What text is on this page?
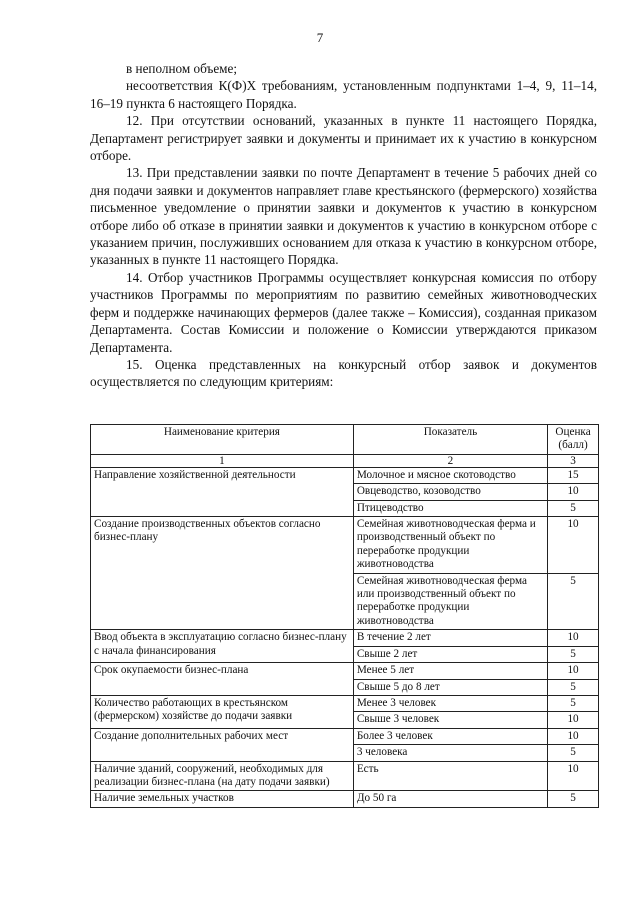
7

в неполном объеме;

несоответствия К(Ф)Х требованиям, установленным подпунктами 1–4, 9, 11–14, 16–19 пункта 6 настоящего Порядка.

12. При отсутствии оснований, указанных в пункте 11 настоящего Порядка, Департамент регистрирует заявки и документы и принимает их к участию в конкурсном отборе.

13. При представлении заявки по почте Департамент в течение 5 рабочих дней со дня подачи заявки и документов направляет главе крестьянского (фермерского) хозяйства письменное уведомление о принятии заявки и документов к участию в конкурсном отборе либо об отказе в принятии заявки и документов к участию в конкурсном отборе с указанием причин, послуживших основанием для отказа к участию в конкурсном отборе, указанных в пункте 11 настоящего Порядка.

14. Отбор участников Программы осуществляет конкурсная комиссия по отбору участников Программы по мероприятиям по развитию семейных животноводческих ферм и поддержке начинающих фермеров (далее также – Комиссия), созданная приказом Департамента. Состав Комиссии и положение о Комиссии утверждаются приказом Департамента.

15. Оценка представленных на конкурсный отбор заявок и документов осуществляется по следующим критериям:

Наименование критерия	Показатель	Оценка (балл)
1	2	3
Направление хозяйственной деятельности	Молочное и мясное скотоводство	15
	Овцеводство, козоводство	10
	Птицеводство	5
Создание производственных объектов согласно бизнес-плану	Семейная животноводческая ферма и производственный объект по переработке продукции животноводства	10
	Семейная животноводческая ферма или производственный объект по переработке продукции животноводства	5
Ввод объекта в эксплуатацию согласно бизнес-плану с начала финансирования	В течение 2 лет	10
	Свыше 2 лет	5
Срок окупаемости бизнес-плана	Менее 5 лет	10
	Свыше 5 до 8 лет	5
Количество работающих в крестьянском (фермерском) хозяйстве до подачи заявки	Менее 3 человек	5
	Свыше 3 человек	10
Создание дополнительных рабочих мест	Более 3 человек	10
	3 человека	5
Наличие зданий, сооружений, необходимых для реализации бизнес-плана (на дату подачи заявки)	Есть	10
Наличие земельных участков	До 50 га	5
